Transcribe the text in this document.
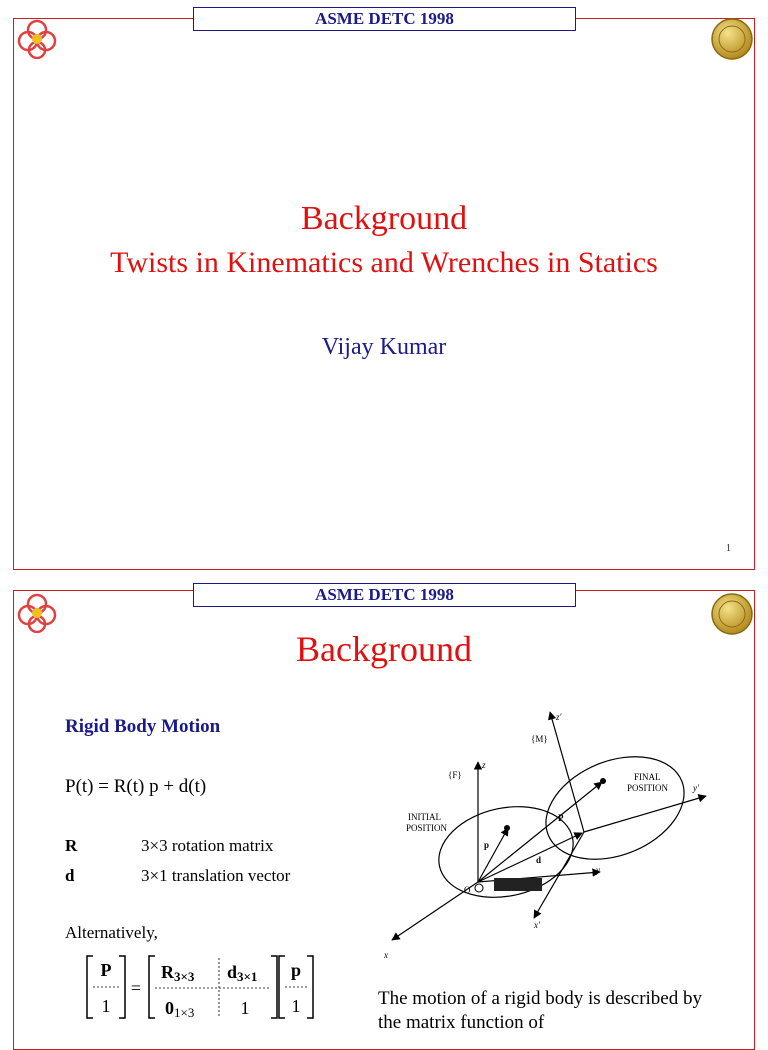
ASME DETC 1998
Background
Twists in Kinematics and Wrenches in Statics
Vijay Kumar
1
ASME DETC 1998
Background
Rigid Body Motion
P(t) = R(t) p + d(t)
R	3×3 rotation matrix
d	3×1 translation vector
Alternatively,
P
1
=
R3×3 d3×1
01×3	1
p
1
{M}
{F}
z
z′
y
y′
x
x′
FINAL
POSITION
INITIAL
POSITION
P
p
d
O
The motion of a rigid body is described by the matrix function of
